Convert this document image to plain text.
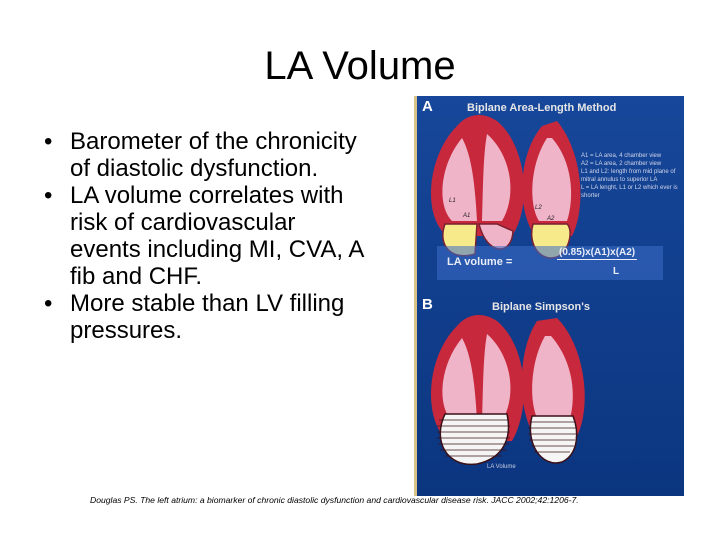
LA Volume
• Barometer of the chronicity of diastolic dysfunction.
• LA volume correlates with risk of cardiovascular events including MI, CVA, A fib and CHF.
• More stable than LV filling pressures.
L1
A1
L2
A2
A	Biplane Area-Length Method
A1 = LA area, 4 chamber view
A2 = LA area, 2 chamber view
L1 and L2: length from mid plane of mitral annulus to superior LA
L = LA lenght, L1 or L2 which ever is shorter
LA volume =
(0.85)x(A1)x(A2)
L
B	Biplane Simpson's
LA Volume
Douglas PS. The left atrium: a biomarker of chronic diastolic dysfunction and cardiovascular disease risk. JACC 2002;42:1206-7.
